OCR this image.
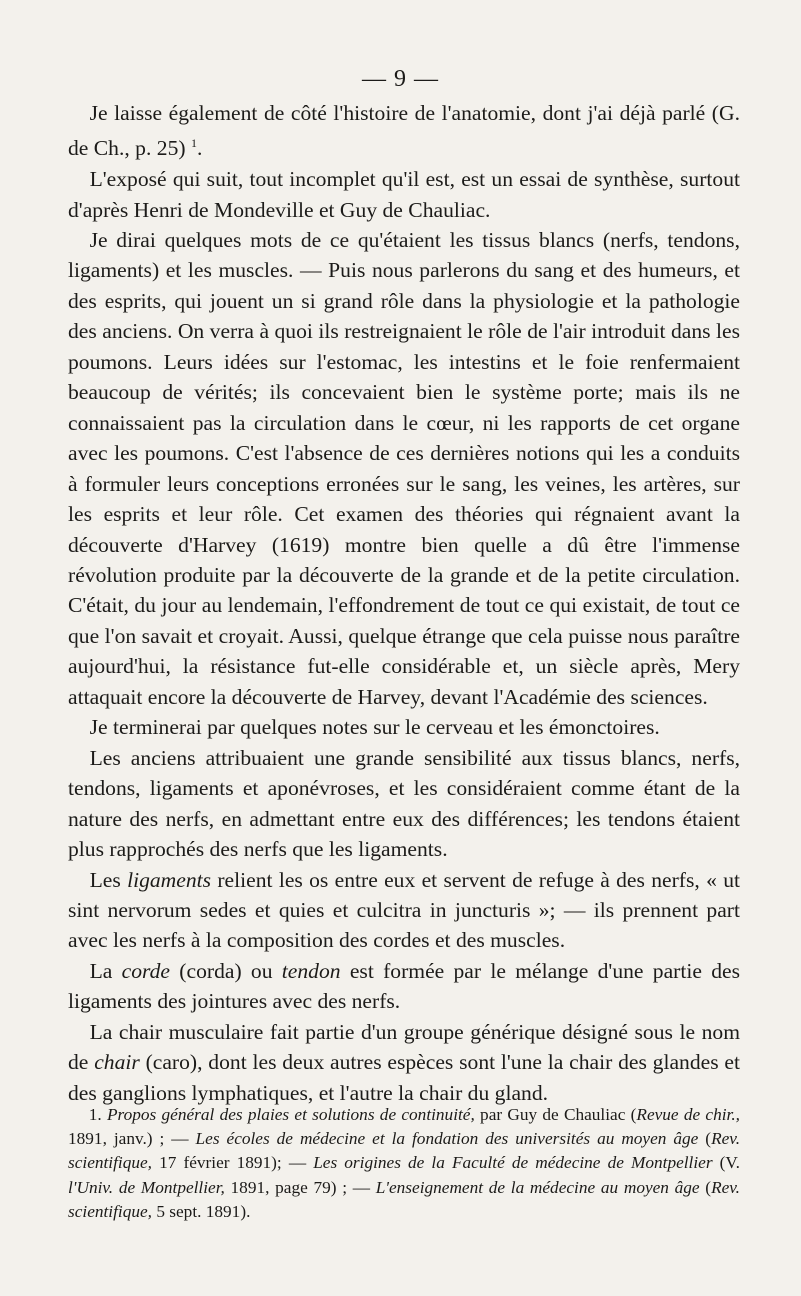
— 9 —

Je laisse également de côté l'histoire de l'anatomie, dont j'ai déjà parlé (G. de Ch., p. 25) $^1$.

L'exposé qui suit, tout incomplet qu'il est, est un essai de synthèse, surtout d'après Henri de Mondeville et Guy de Chauliac.

Je dirai quelques mots de ce qu'étaient les tissus blancs (nerfs, tendons, ligaments) et les muscles. — Puis nous parlerons du sang et des humeurs, et des esprits, qui jouent un si grand rôle dans la physiologie et la pathologie des anciens. On verra à quoi ils restreignaient le rôle de l'air introduit dans les poumons. Leurs idées sur l'estomac, les intestins et le foie renfermaient beaucoup de vérités; ils concevaient bien le système porte; mais ils ne connaissaient pas la circulation dans le cœur, ni les rapports de cet organe avec les poumons. C'est l'absence de ces dernières notions qui les a conduits à formuler leurs conceptions erronées sur le sang, les veines, les artères, sur les esprits et leur rôle. Cet examen des théories qui régnaient avant la découverte d'Harvey (1619) montre bien quelle a dû être l'immense révolution produite par la découverte de la grande et de la petite circulation. C'était, du jour au lendemain, l'effondrement de tout ce qui existait, de tout ce que l'on savait et croyait. Aussi, quelque étrange que cela puisse nous paraître aujourd'hui, la résistance fut-elle considérable et, un siècle après, Mery attaquait encore la découverte de Harvey, devant l'Académie des sciences.

Je terminerai par quelques notes sur le cerveau et les émonctoires.

Les anciens attribuaient une grande sensibilité aux tissus blancs, nerfs, tendons, ligaments et aponévroses, et les considéraient comme étant de la nature des nerfs, en admettant entre eux des différences; les tendons étaient plus rapprochés des nerfs que les ligaments.

Les ligaments relient les os entre eux et servent de refuge à des nerfs, « ut sint nervorum sedes et quies et culcitra in juncturis »; — ils prennent part avec les nerfs à la composition des cordes et des muscles.

La corde (corda) ou tendon est formée par le mélange d'une partie des ligaments des jointures avec des nerfs.

La chair musculaire fait partie d'un groupe générique désigné sous le nom de chair (caro), dont les deux autres espèces sont l'une la chair des glandes et des ganglions lymphatiques, et l'autre la chair du gland.

1. Propos général des plaies et solutions de continuité, par Guy de Chauliac (Revue de chir., 1891, janv.) ; — Les écoles de médecine et la fondation des universités au moyen âge (Rev. scientifique, 17 février 1891); — Les origines de la Faculté de médecine de Montpellier (V. l'Univ. de Montpellier, 1891, page 79) ; — L'enseignement de la médecine au moyen âge (Rev. scientifique, 5 sept. 1891).
